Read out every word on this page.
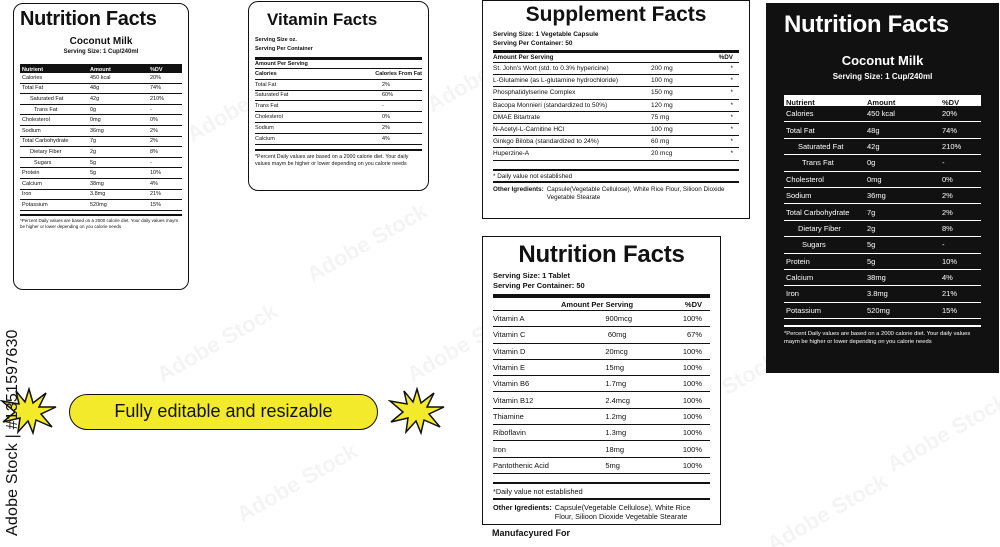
Nutrition Facts
Coconut Milk
Serving Size: 1 Cup/240ml
Nutrient	Amount	%DV
Calories	450 kcal	20%
Total Fat	48g	74%
Saturated Fat	42g	210%
Trans Fat	0g	-
Cholesterol	0mg	0%
Sodium	36mg	2%
Total Carbohydrate	7g	2%
Dietary Fiber	2g	8%
Sugars	5g	-
Protein	5g	10%
Calcium	38mg	4%
Iron	3.8mg	21%
Potassium	520mg	15%
*Percent Daily values are based on a 2000 calorie diet. Your daily values maym be higher or lower depending on you calorie needs
Vitamin Facts
Serving Size oz.
Serving Per Container
Amount Per Serving
Calories	Calories From Fat
Total Fat	2%
Saturated Fat	60%
Trans Fat	-
Cholesterol	0%
Sodium	2%
Calcium	4%
*Percent Daily values are based on a 2000 calorie diet. Your daily values maym be higher or lower depending on you calorie needs
Supplement Facts
Serving Size: 1 Vegetable Capsule
Serving Per Container: 50
Amount Per Serving	%DV
St. John's Wort (std. to 0.3% hypericine)	200 mg	*
L-Glutamine (as L-glutamine hydrochloride)	100 mg	*
Phosphatidylserine Complex	150 mg	*
Bacopa Monnieri (standardized to 50%)	120 mg	*
DMAE Bitartrate	75 mg	*
N-Acetyl-L-Carnitine HCl	100 mg	*
Ginkgo Biloba (standardized to 24%)	60 mg	*
Huperzine-A	20 mcg	*
* Daily value not established
Other Igredients: Capsule(Vegetable Cellulose), White Rice Flour, Silioon Dioxide Vegetable Stearate
Nutrition Facts
Serving Size: 1 Tablet
Serving Per Container: 50
Amount Per Serving	%DV
Vitamin A	900mcg	100%
Vitamin C	60mg	67%
Vitamin D	20mcg	100%
Vitamin E	15mg	100%
Vitamin B6	1.7mg	100%
Vitamin B12	2.4mcg	100%
Thiamine	1.2mg	100%
Riboflavin	1.3mg	100%
Iron	18mg	100%
Pantothenic Acid	5mg	100%
*Daily value not established
Other Igredients: Capsule(Vegetable Cellulose), White Rice Flour, Silioon Dioxide Vegetable Stearate
Manufacyured For
Nutrition Facts
Coconut Milk
Serving Size: 1 Cup/240ml
Nutrient	Amount	%DV
Calories	450 kcal	20%
Total Fat	48g	74%
Saturated Fat	42g	210%
Trans Fat	0g	-
Cholesterol	0mg	0%
Sodium	36mg	2%
Total Carbohydrate	7g	2%
Dietary Fiber	2g	8%
Sugars	5g	-
Protein	5g	10%
Calcium	38mg	4%
Iron	3.8mg	21%
Potassium	520mg	15%
*Percent Daily values are based on a 2000 calorie diet. Your daily values maym be higher or lower depending on you calorie needs
Fully editable and resizable
Adobe Stock | #1351597630
